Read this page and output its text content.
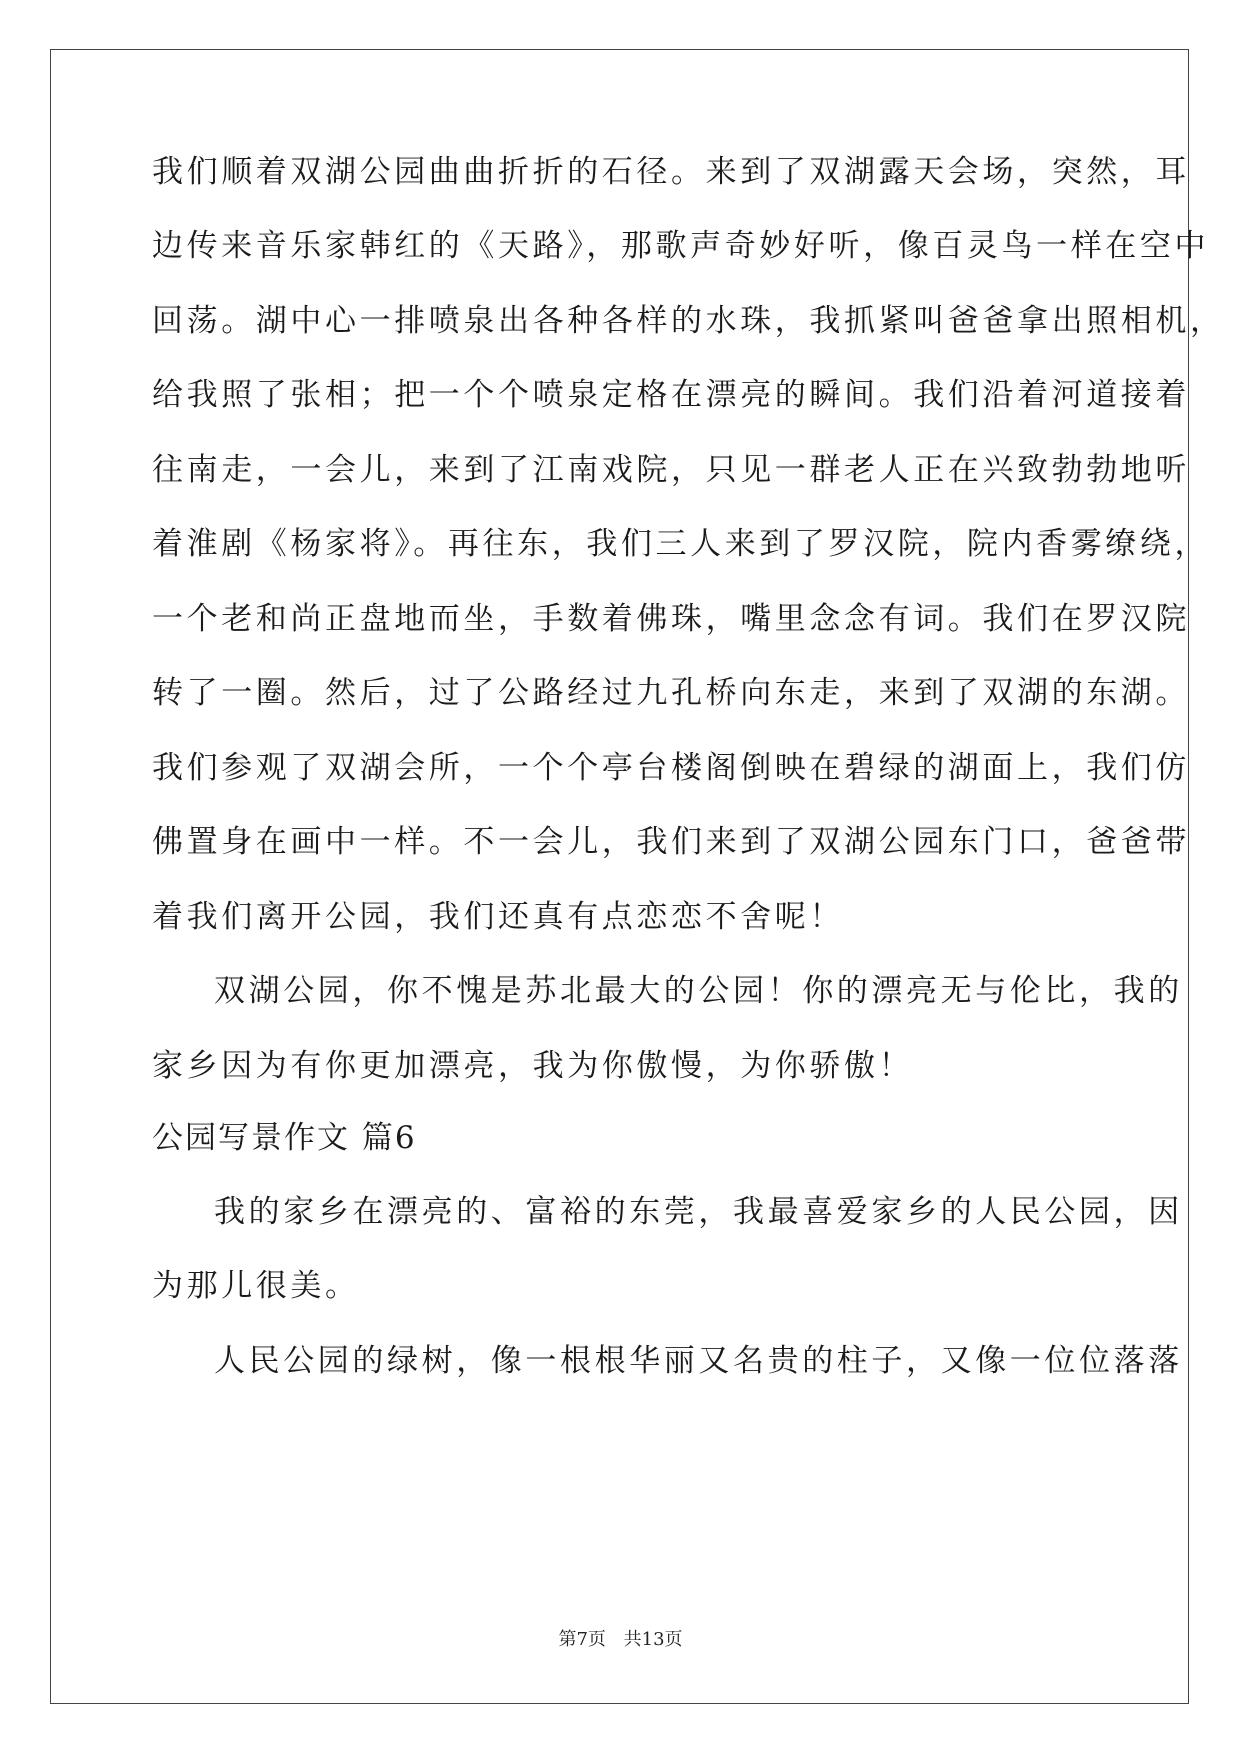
我们顺着双湖公园曲曲折折的石径。来到了双湖露天会场，突然，耳
边传来音乐家韩红的《天路》，那歌声奇妙好听，像百灵鸟一样在空中
回荡。湖中心一排喷泉出各种各样的水珠，我抓紧叫爸爸拿出照相机，
给我照了张相；把一个个喷泉定格在漂亮的瞬间。我们沿着河道接着
往南走，一会儿，来到了江南戏院，只见一群老人正在兴致勃勃地听
着淮剧《杨家将》。再往东，我们三人来到了罗汉院，院内香雾缭绕，
一个老和尚正盘地而坐，手数着佛珠，嘴里念念有词。我们在罗汉院
转了一圈。然后，过了公路经过九孔桥向东走，来到了双湖的东湖。
我们参观了双湖会所，一个个亭台楼阁倒映在碧绿的湖面上，我们仿
佛置身在画中一样。不一会儿，我们来到了双湖公园东门口，爸爸带
着我们离开公园，我们还真有点恋恋不舍呢！
双湖公园，你不愧是苏北最大的公园！你的漂亮无与伦比，我的
家乡因为有你更加漂亮，我为你傲慢，为你骄傲！
公园写景作文 篇6
我的家乡在漂亮的、富裕的东莞，我最喜爱家乡的人民公园，因
为那儿很美。
人民公园的绿树，像一根根华丽又名贵的柱子，又像一位位落落
第7页 共13页
